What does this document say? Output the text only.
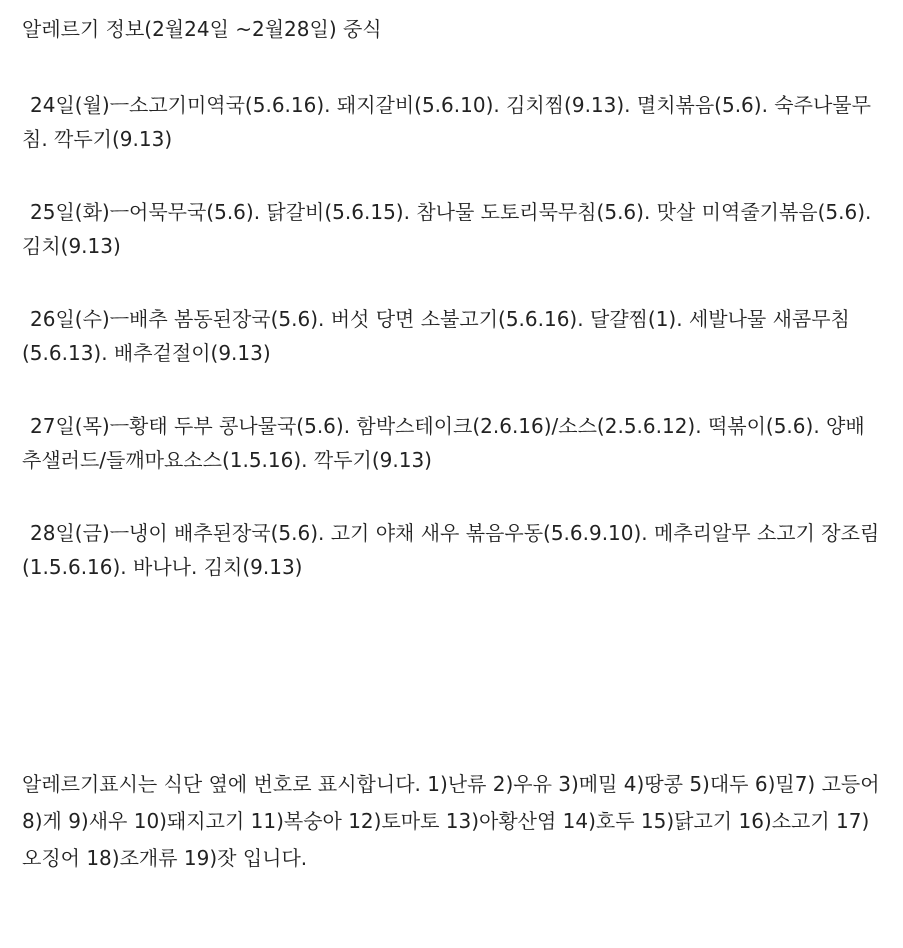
알레르기 정보(2월24일 ~2월28일) 중식

24일(월)ㅡ소고기미역국(5.6.16). 돼지갈비(5.6.10). 김치찜(9.13). 멸치볶음(5.6). 숙주나물무침. 깍두기(9.13)
25일(화)ㅡ어묵무국(5.6). 닭갈비(5.6.15). 참나물 도토리묵무침(5.6). 맛살 미역줄기볶음(5.6). 김치(9.13)
26일(수)ㅡ배추 봄동된장국(5.6). 버섯 당면 소불고기(5.6.16). 달걀찜(1). 세발나물 새콤무침(5.6.13). 배추겉절이(9.13)
27일(목)ㅡ황태 두부 콩나물국(5.6). 함박스테이크(2.6.16)/소스(2.5.6.12). 떡볶이(5.6). 양배추샐러드/들깨마요소스(1.5.16). 깍두기(9.13)
28일(금)ㅡ냉이 배추된장국(5.6). 고기 야채 새우 볶음우동(5.6.9.10). 메추리알무 소고기 장조림(1.5.6.16). 바나나. 김치(9.13)

알레르기표시는 식단 옆에 번호로 표시합니다. 1)난류 2)우유 3)메밀 4)땅콩 5)대두 6)밀7) 고등어 8)게 9)새우 10)돼지고기 11)복숭아 12)토마토 13)아황산염 14)호두 15)닭고기 16)소고기 17)오징어 18)조개류 19)잣 입니다.
